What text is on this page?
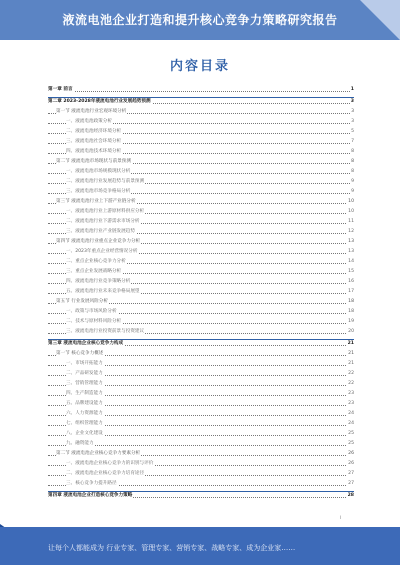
液流电池企业打造和提升核心竞争力策略研究报告
内容目录
第一章 前言	1
第二章 2023-2028年液流电池行业发展趋势预测	3
第一节 液流电池行业宏观环境分析	3
一、液流电池政策分析	3
二、液流电池经济环境分析	5
三、液流电池社会环境分析	7
四、液流电池技术环境分析	8
第二节 液流电池市场现状与前景预测	8
一、液流电池市场规模现状分析	8
二、液流电池行业发展趋势与前景预测	9
三、液流电池市场竞争格局分析	9
第三节 液流电池行业上下游产业链分析	10
一、液流电池行业上游原材料供应分析	10
二、液流电池行业下游需求市场分析	11
三、液流电池行业产业链发展趋势	12
第四节 液流电池行业重点企业竞争力分析	13
一、2023年重点企业经营情况分析	13
二、重点企业核心竞争力分析	14
三、重点企业发展战略分析	15
四、液流电池行业竞争策略分析	16
五、液流电池行业未来竞争格局展望	17
第五节 行业发展风险分析	18
一、政策与市场风险分析	18
二、技术与原材料风险分析	19
三、液流电池行业投资前景与投资建议	20
第三章 液流电池企业核心竞争力构成	21
第一节 核心竞争力概述	21
一、市场开拓能力	21
二、产品研发能力	22
三、营销管理能力	22
四、生产制造能力	23
五、品牌建设能力	23
六、人力资源能力	24
七、组织管理能力	24
八、企业文化建设	25
九、融资能力	25
第二节 液流电池企业核心竞争力要素分析	26
一、液流电池企业核心竞争力的识别与评价	26
二、液流电池企业核心竞争力培育途径	27
三、核心竞争力提升路径	27
第四章 液流电池企业打造核心竞争力策略	28
I
让每个人都能成为 行业专家、管理专家、营销专家、战略专家、成为企业家……
